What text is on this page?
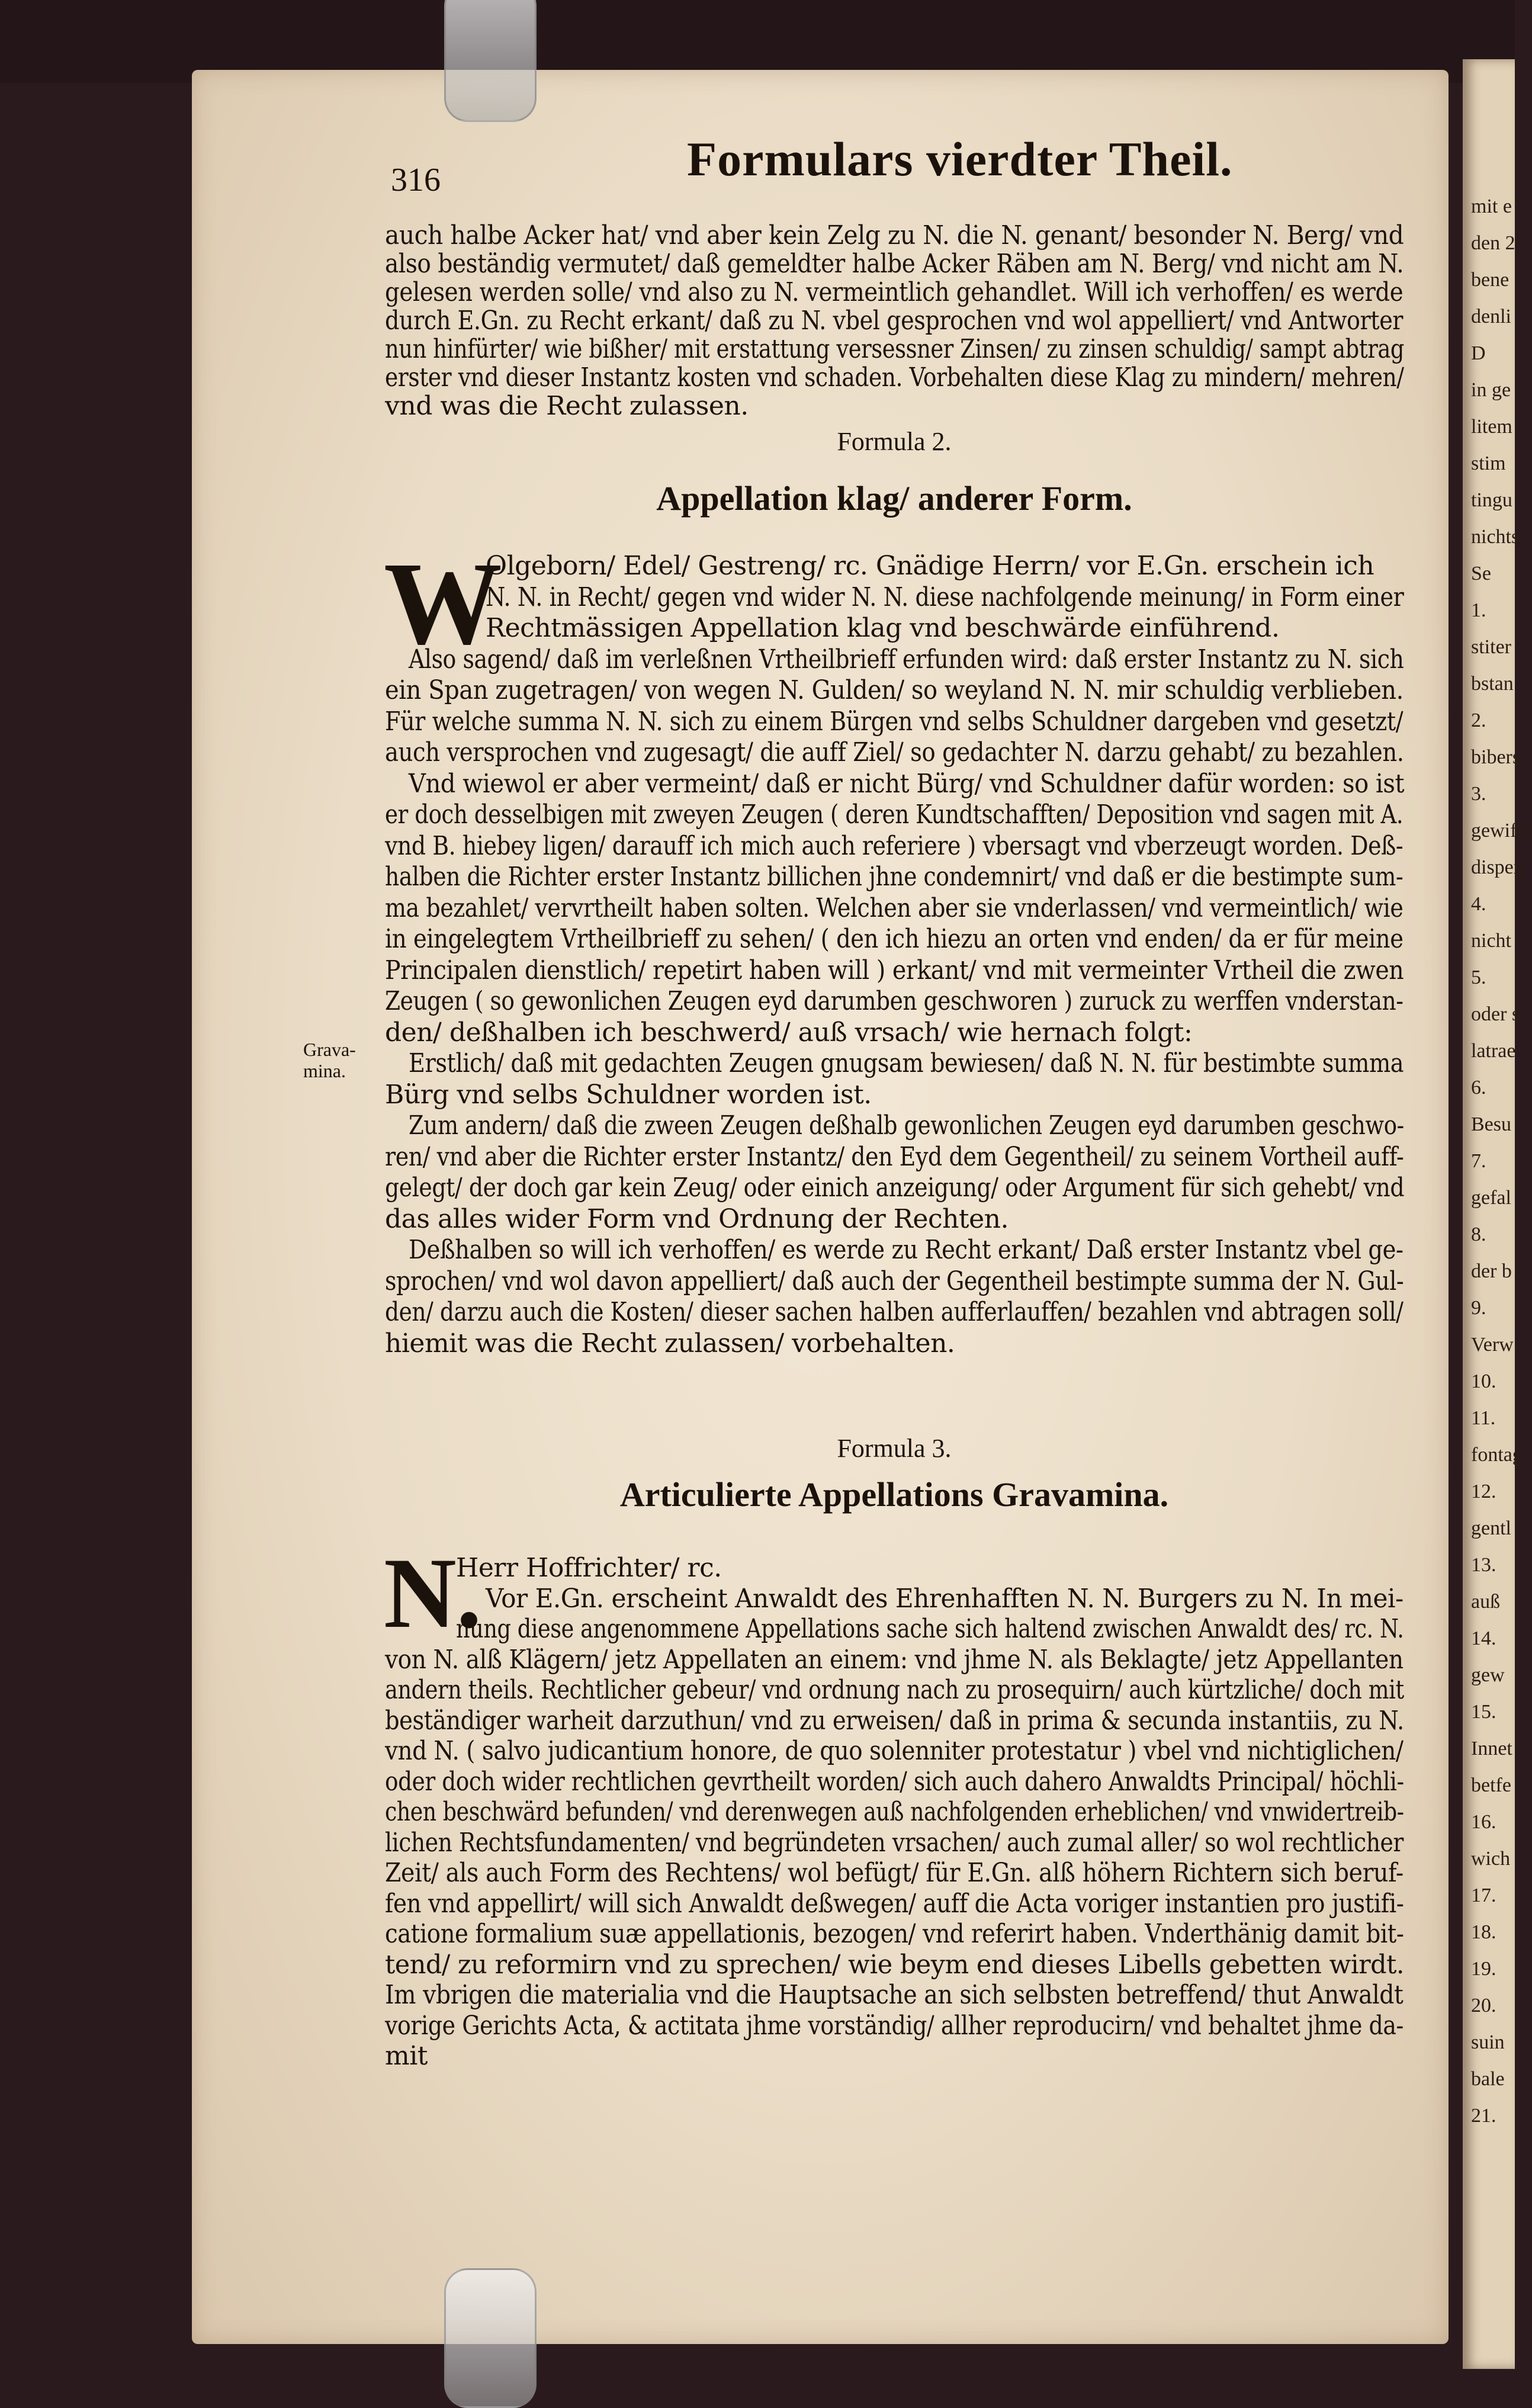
316	Formulars vierdter Theil.
auch halbe Acker hat/ vnd aber kein Zelg zu N. die N. genant/ besonder N. Berg/ vnd
also beständig vermutet/ daß gemeldter halbe Acker Räben am N. Berg/ vnd nicht am N.
gelesen werden solle/ vnd also zu N. vermeintlich gehandlet. Will ich verhoffen/ es werde
durch E.Gn. zu Recht erkant/ daß zu N. vbel gesprochen vnd wol appelliert/ vnd Antworter
nun hinfürter/ wie bißher/ mit erstattung versessner Zinsen/ zu zinsen schuldig/ sampt abtrag
erster vnd dieser Instantz kosten vnd schaden. Vorbehalten diese Klag zu mindern/ mehren/
vnd was die Recht zulassen.
Formula 2.
Appellation klag/ anderer Form.
W
Olgeborn/ Edel/ Gestreng/ rc. Gnädige Herrn/ vor E.Gn. erschein ich
N. N. in Recht/ gegen vnd wider N. N. diese nachfolgende meinung/ in Form einer
Rechtmässigen Appellation klag vnd beschwärde einführend.
Also sagend/ daß im verleßnen Vrtheilbrieff erfunden wird: daß erster Instantz zu N. sich
ein Span zugetragen/ von wegen N. Gulden/ so weyland N. N. mir schuldig verblieben.
Für welche summa N. N. sich zu einem Bürgen vnd selbs Schuldner dargeben vnd gesetzt/
auch versprochen vnd zugesagt/ die auff Ziel/ so gedachter N. darzu gehabt/ zu bezahlen.
Vnd wiewol er aber vermeint/ daß er nicht Bürg/ vnd Schuldner dafür worden: so ist
er doch desselbigen mit zweyen Zeugen ( deren Kundtschafften/ Deposition vnd sagen mit A.
vnd B. hiebey ligen/ darauff ich mich auch referiere ) vbersagt vnd vberzeugt worden. Deß-
halben die Richter erster Instantz billichen jhne condemnirt/ vnd daß er die bestimpte sum-
ma bezahlet/ vervrtheilt haben solten. Welchen aber sie vnderlassen/ vnd vermeintlich/ wie
in eingelegtem Vrtheilbrieff zu sehen/ ( den ich hiezu an orten vnd enden/ da er für meine
Principalen dienstlich/ repetirt haben will ) erkant/ vnd mit vermeinter Vrtheil die zwen
Zeugen ( so gewonlichen Zeugen eyd darumben geschworen ) zuruck zu werffen vnderstan-
den/ deßhalben ich beschwerd/ auß vrsach/ wie hernach folgt:
Erstlich/ daß mit gedachten Zeugen gnugsam bewiesen/ daß N. N. für bestimbte summa
Bürg vnd selbs Schuldner worden ist.
Zum andern/ daß die zween Zeugen deßhalb gewonlichen Zeugen eyd darumben geschwo-
ren/ vnd aber die Richter erster Instantz/ den Eyd dem Gegentheil/ zu seinem Vortheil auff-
gelegt/ der doch gar kein Zeug/ oder einich anzeigung/ oder Argument für sich gehebt/ vnd
das alles wider Form vnd Ordnung der Rechten.
Deßhalben so will ich verhoffen/ es werde zu Recht erkant/ Daß erster Instantz vbel ge-
sprochen/ vnd wol davon appelliert/ daß auch der Gegentheil bestimpte summa der N. Gul-
den/ darzu auch die Kosten/ dieser sachen halben aufferlauffen/ bezahlen vnd abtragen soll/
hiemit was die Recht zulassen/ vorbehalten.
Grava-mina.
Formula 3.
Articulierte Appellations Gravamina.
N.
Herr Hoffrichter/ rc.
Vor E.Gn. erscheint Anwaldt des Ehrenhafften N. N. Burgers zu N. In mei-
nung diese angenommene Appellations sache sich haltend zwischen Anwaldt des/ rc. N.
von N. alß Klägern/ jetz Appellaten an einem: vnd jhme N. als Beklagte/ jetz Appellanten
andern theils. Rechtlicher gebeur/ vnd ordnung nach zu prosequirn/ auch kürtzliche/ doch mit
beständiger warheit darzuthun/ vnd zu erweisen/ daß in prima & secunda instantiis, zu N.
vnd N. ( salvo judicantium honore, de quo solenniter protestatur ) vbel vnd nichtiglichen/
oder doch wider rechtlichen gevrtheilt worden/ sich auch dahero Anwaldts Principal/ höchli-
chen beschwärd befunden/ vnd derenwegen auß nachfolgenden erheblichen/ vnd vnwidertreib-
lichen Rechtsfundamenten/ vnd begründeten vrsachen/ auch zumal aller/ so wol rechtlicher
Zeit/ als auch Form des Rechtens/ wol befügt/ für E.Gn. alß höhern Richtern sich beruf-
fen vnd appellirt/ will sich Anwaldt deßwegen/ auff die Acta voriger instantien pro justifi-
catione formalium suæ appellationis, bezogen/ vnd referirt haben. Vnderthänig damit bit-
tend/ zu reformirn vnd zu sprechen/ wie beym end dieses Libells gebetten wirdt.
Im vbrigen die materialia vnd die Hauptsache an sich selbsten betreffend/ thut Anwaldt
vorige Gerichts Acta, & actitata jhme vorständig/ allher reproducirn/ vnd behaltet jhme da-
mit
mit e
den 2
bene
denli
D
in ge
litem
stim
tingu
nichts
Se
1.
stiter
bstan
2.
bibers
3.
gewiffe
dispen
4.
nicht
5.
oder s
latrae
6.
Besu
7.
gefal
8.
der b
9.
Verw
10.
11.
fontag
12.
gentl
13.
auß
14.
gew
15.
Innet
betfe
16.
wich
17.
18.
19.
20.
suin
bale
21.
